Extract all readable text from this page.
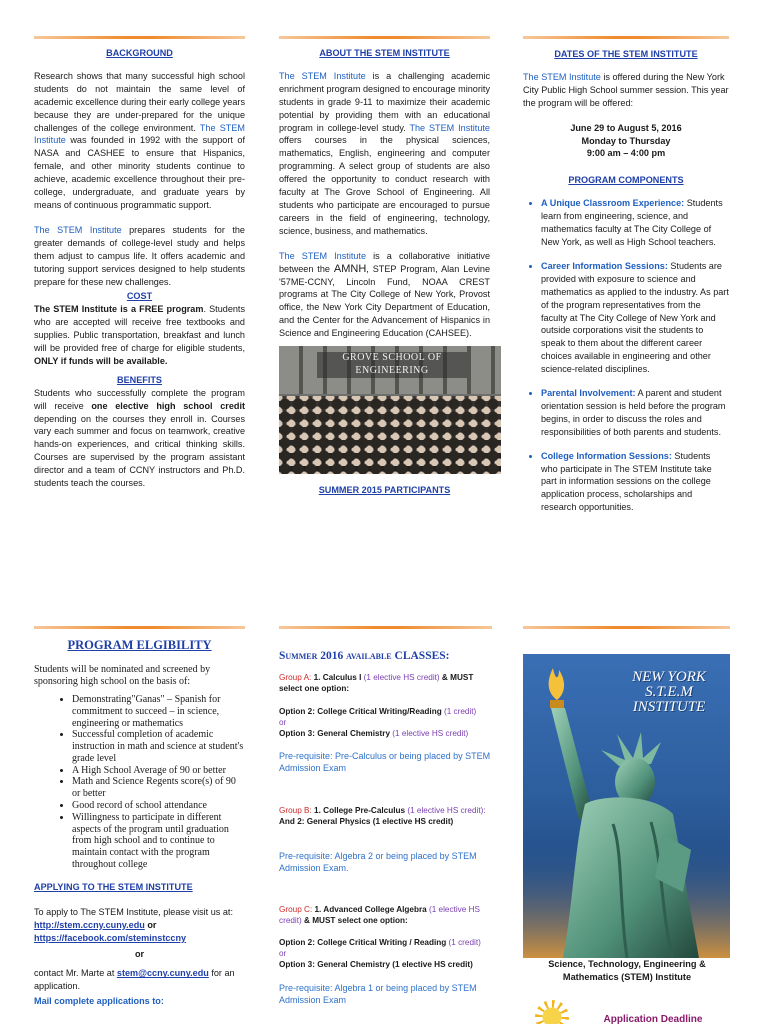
BACKGROUND

Research shows that many successful high school students do not maintain the same level of academic excellence during their early college years because they are under-prepared for the unique challenges of the college environment. The STEM Institute was founded in 1992 with the support of NASA and CASHEE to ensure that Hispanics, female, and other minority students continue to achieve, academic excellence throughout their pre-college, undergraduate, and graduate years by means of continuous programmatic support.

The STEM Institute prepares students for the greater demands of college-level study and helps them adjust to campus life. It offers academic and tutoring support services designed to help students prepare for these new challenges.

COST

The STEM Institute is a FREE program. Students who are accepted will receive free textbooks and supplies. Public transportation, breakfast and lunch will be provided free of charge for eligible students, ONLY if funds will be available.

BENEFITS

Students who successfully complete the program will receive one elective high school credit depending on the courses they enroll in. Courses vary each summer and focus on teamwork, creative hands-on experiences, and critical thinking skills. Courses are supervised by the program assistant director and a team of CCNY instructors and Ph.D. students teach the courses.

ABOUT THE STEM INSTITUTE

The STEM Institute is a challenging academic enrichment program designed to encourage minority students in grade 9-11 to maximize their academic potential by providing them with an educational program in college-level study. The STEM Institute offers courses in the physical sciences, mathematics, English, engineering and computer programming. A select group of students are also offered the opportunity to conduct research with faculty at The Grove School of Engineering. All students who participate are encouraged to pursue careers in the field of engineering, technology, science, business, and mathematics.

The STEM Institute is a collaborative initiative between the AMNH, STEP Program, Alan Levine '57ME-CCNY, Lincoln Fund, NOAA CREST programs at The City College of New York, Provost office, the New York City Department of Education, and the Center for the Advancement of Hispanics in Science and Engineering Education (CAHSEE).

GROVE SCHOOL OF ENGINEERING
SUMMER 2015 PARTICIPANTS
DATES OF THE STEM INSTITUTE

The STEM Institute is offered during the New York City Public High School summer session. This year the program will be offered:

June 29 to August 5, 2016
Monday to Thursday
9:00 am – 4:00 pm
PROGRAM COMPONENTS
• A Unique Classroom Experience: Students learn from engineering, science, and mathematics faculty at The City College of New York, as well as High School teachers.
• Career Information Sessions: Students are provided with exposure to science and mathematics as applied to the industry. As part of the program representatives from the faculty at The City College of New York and outside corporations visit the students to speak to them about the different career choices available in engineering and other science-related disciplines.
• Parental Involvement: A parent and student orientation session is held before the program begins, in order to discuss the roles and responsibilities of both parents and students.
• College Information Sessions: Students who participate in The STEM Institute take part in information sessions on the college application process, scholarships and research opportunities.
PROGRAM ELGIBILITY

Students will be nominated and screened by sponsoring high school on the basis of:

• Demonstrating"Ganas" – Spanish for commitment to succeed – in science, engineering or mathematics
• Successful completion of academic instruction in math and science at student's grade level
• A High School Average of 90 or better
• Math and Science Regents score(s) of 90 or better
• Good record of school attendance
• Willingness to participate in different aspects of the program until graduation from high school and to continue to maintain contact with the program throughout college
APPLYING TO THE STEM INSTITUTE

To apply to The STEM Institute, please visit us at: http://stem.ccny.cuny.edu or
https://facebook.com/steminstccny

or

contact Mr. Marte at stem@ccny.cuny.edu for an application.

Mail complete applications to:
Summer 2016 available CLASSES:
Group A: 1. Calculus I (1 elective HS credit) & MUST select one option:
Option 2: College Critical Writing/Reading (1 credit)
or
Option 3: General Chemistry (1 elective HS credit)
Pre-requisite: Pre-Calculus or being placed by STEM Admission Exam
Group B: 1. College Pre-Calculus (1 elective HS credit):
And 2: General Physics (1 elective HS credit)
Pre-requisite: Algebra 2 or being placed by STEM Admission Exam.
Group C: 1. Advanced College Algebra (1 elective HS credit) & MUST select one option:
Option 2: College Critical Writing / Reading (1 credit)
or
Option 3: General Chemistry (1 elective HS credit)
Pre-requisite: Algebra 1 or being placed by STEM Admission Exam
NEW YORK
S.T.E.M
INSTITUTE
Science, Technology, Engineering & Mathematics (STEM) Institute
Application Deadline
